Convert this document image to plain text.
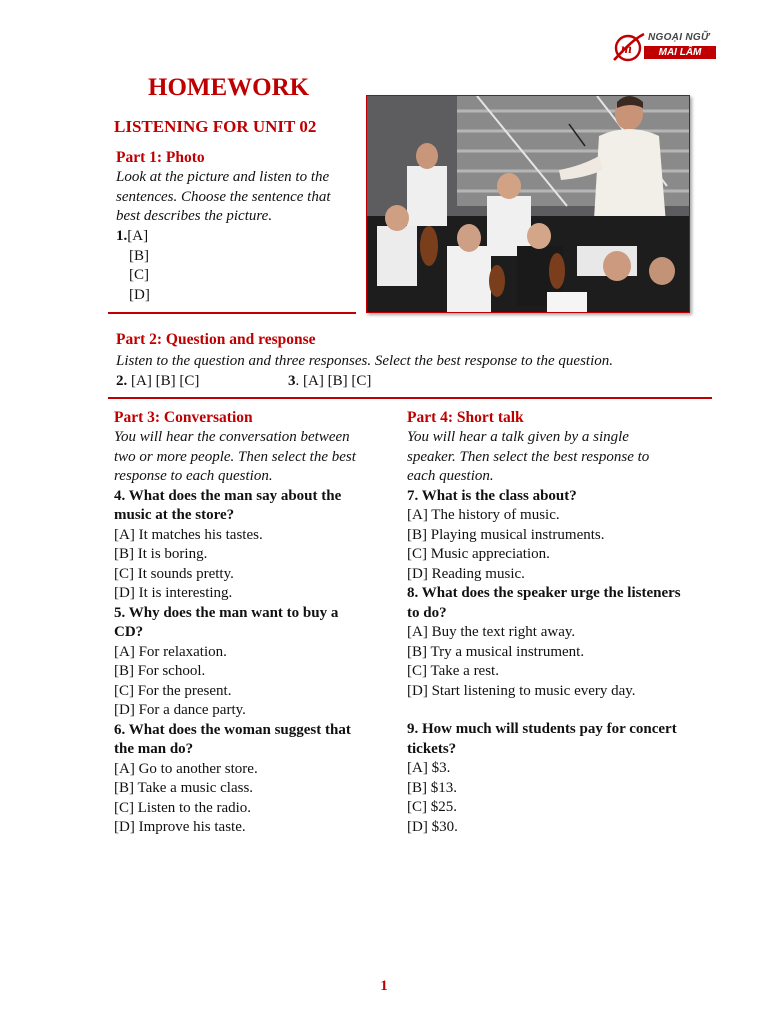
m
NGOẠI NGỮ
MAI LÂM
HOMEWORK
LISTENING FOR UNIT 02
Part 1: Photo
Look at the picture and listen to the
sentences. Choose the sentence that
best describes the picture.
1.[A]
[B]
[C]
[D]
Part 2: Question and response
Listen to the question and three responses. Select the best response to the question.
2. [A] [B] [C]	3. [A] [B] [C]
Part 3: Conversation
You will hear the conversation between
two or more people. Then select the best
response to each question.
4. What does the man say about the
music at the store?
[A] It matches his tastes.
[B] It is boring.
[C] It sounds pretty.
[D] It is interesting.
5. Why does the man want to buy a
CD?
[A] For relaxation.
[B] For school.
[C] For the present.
[D] For a dance party.
6. What does the woman suggest that
the man do?
[A] Go to another store.
[B] Take a music class.
[C] Listen to the radio.
[D] Improve his taste.
Part 4: Short talk
You will hear a talk given by a single
speaker. Then select the best response to
each question.
7. What is the class about?
[A] The history of music.
[B] Playing musical instruments.
[C] Music appreciation.
[D] Reading music.
8. What does the speaker urge the listeners
to do?
[A] Buy the text right away.
[B] Try a musical instrument.
[C] Take a rest.
[D] Start listening to music every day.
9. How much will students pay for concert
tickets?
[A] $3.
[B] $13.
[C] $25.
[D] $30.
1
